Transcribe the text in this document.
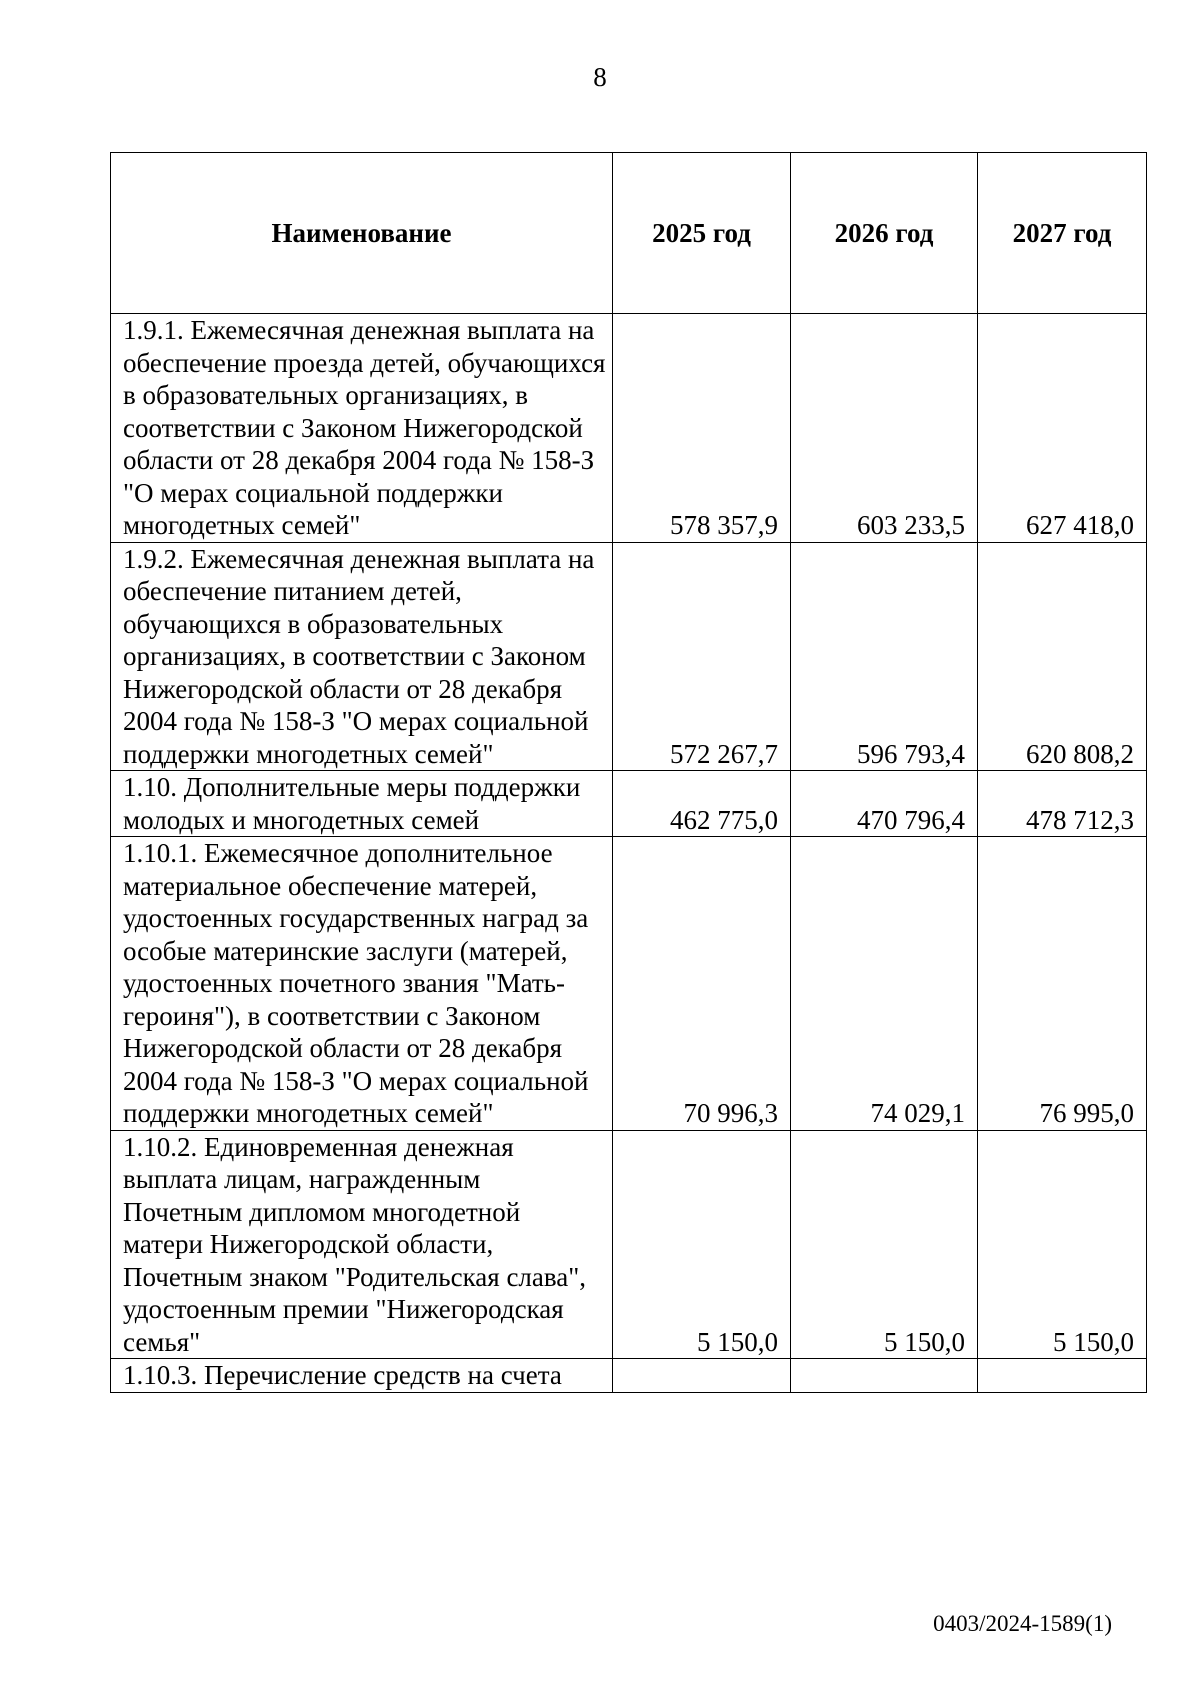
8
Наименование	2025 год	2026 год	2027 год
1.9.1. Ежемесячная денежная выплата на обеспечение проезда детей, обучающихся в образовательных организациях, в соответствии с Законом Нижегородской области от 28 декабря 2004 года № 158-З "О мерах социальной поддержки многодетных семей"	578 357,9	603 233,5	627 418,0
1.9.2. Ежемесячная денежная выплата на обеспечение питанием детей, обучающихся в образовательных организациях, в соответствии с Законом Нижегородской области от 28 декабря 2004 года № 158-З "О мерах социальной поддержки многодетных семей"	572 267,7	596 793,4	620 808,2
1.10. Дополнительные меры поддержки молодых и многодетных семей	462 775,0	470 796,4	478 712,3
1.10.1. Ежемесячное дополнительное материальное обеспечение матерей, удостоенных государственных наград за особые материнские заслуги (матерей, удостоенных почетного звания "Мать-героиня"), в соответствии с Законом Нижегородской области от 28 декабря 2004 года № 158-З "О мерах социальной поддержки многодетных семей"	70 996,3	74 029,1	76 995,0
1.10.2. Единовременная денежная выплата лицам, награжденным Почетным дипломом многодетной матери Нижегородской области, Почетным знаком "Родительская слава", удостоенным премии "Нижегородская семья"	5 150,0	5 150,0	5 150,0
1.10.3. Перечисление средств на счета			
0403/2024-1589(1)
